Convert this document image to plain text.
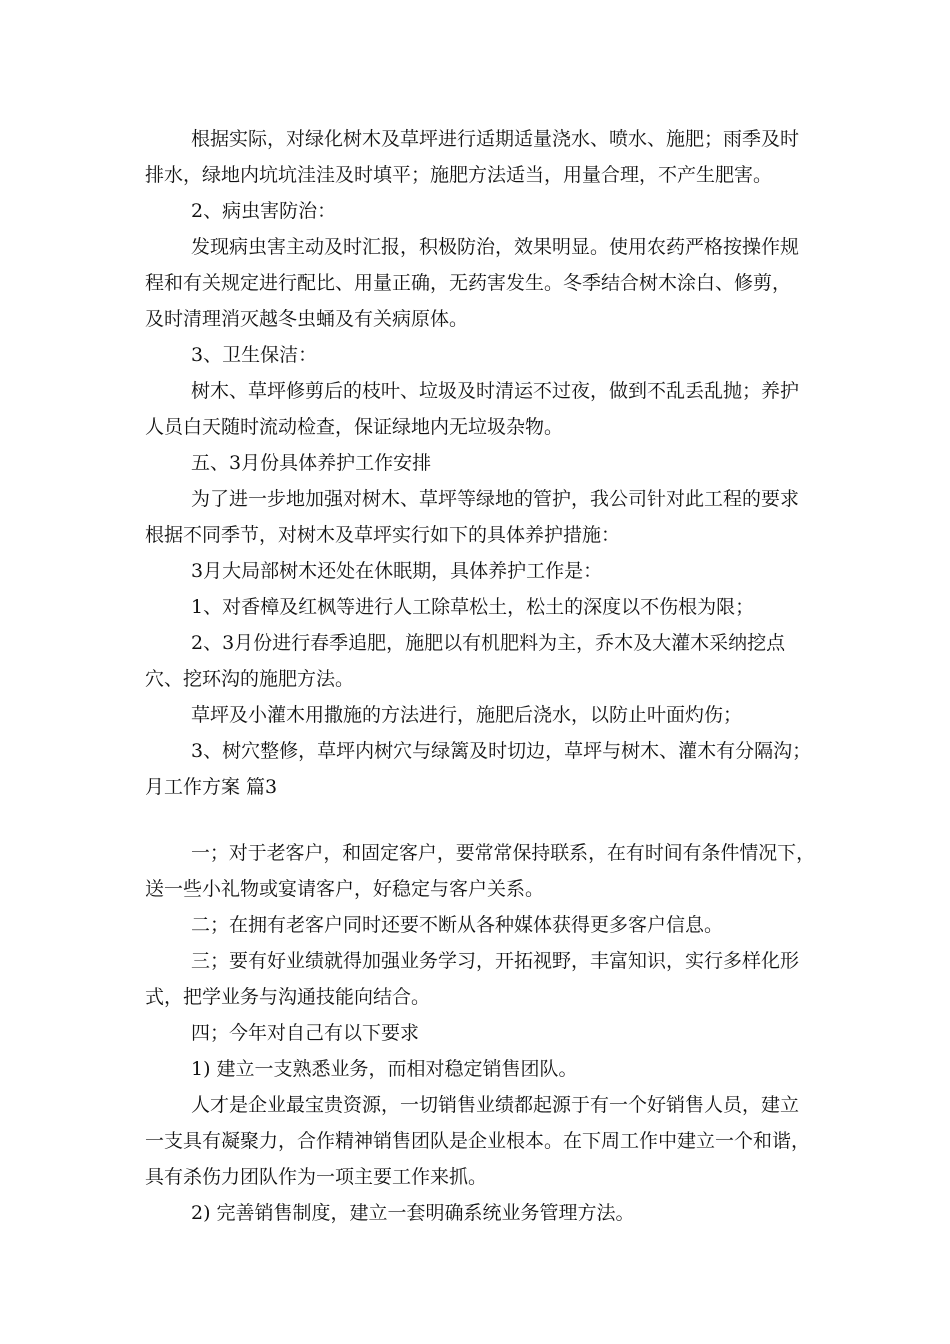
根据实际，对绿化树木及草坪进行适期适量浇水、喷水、施肥；雨季及时
排水，绿地内坑坑洼洼及时填平；施肥方法适当，用量合理，不产生肥害。
2、病虫害防治：
发现病虫害主动及时汇报，积极防治，效果明显。使用农药严格按操作规
程和有关规定进行配比、用量正确，无药害发生。冬季结合树木涂白、修剪，
及时清理消灭越冬虫蛹及有关病原体。
3、卫生保洁：
树木、草坪修剪后的枝叶、垃圾及时清运不过夜，做到不乱丢乱抛；养护
人员白天随时流动检查，保证绿地内无垃圾杂物。
五、3月份具体养护工作安排
为了进一步地加强对树木、草坪等绿地的管护，我公司针对此工程的要求
根据不同季节，对树木及草坪实行如下的具体养护措施：
3月大局部树木还处在休眠期，具体养护工作是：
1、对香樟及红枫等进行人工除草松土，松土的深度以不伤根为限；
2、3月份进行春季追肥，施肥以有机肥料为主，乔木及大灌木采纳挖点
穴、挖环沟的施肥方法。
草坪及小灌木用撒施的方法进行，施肥后浇水，以防止叶面灼伤；
3、树穴整修，草坪内树穴与绿篱及时切边，草坪与树木、灌木有分隔沟；
月工作方案 篇3
一；对于老客户，和固定客户，要常常保持联系，在有时间有条件情况下，
送一些小礼物或宴请客户，好稳定与客户关系。
二；在拥有老客户同时还要不断从各种媒体获得更多客户信息。
三；要有好业绩就得加强业务学习，开拓视野，丰富知识，实行多样化形
式，把学业务与沟通技能向结合。
四；今年对自己有以下要求
1) 建立一支熟悉业务，而相对稳定销售团队。
人才是企业最宝贵资源，一切销售业绩都起源于有一个好销售人员，建立
一支具有凝聚力，合作精神销售团队是企业根本。在下周工作中建立一个和谐，
具有杀伤力团队作为一项主要工作来抓。
2) 完善销售制度，建立一套明确系统业务管理方法。
